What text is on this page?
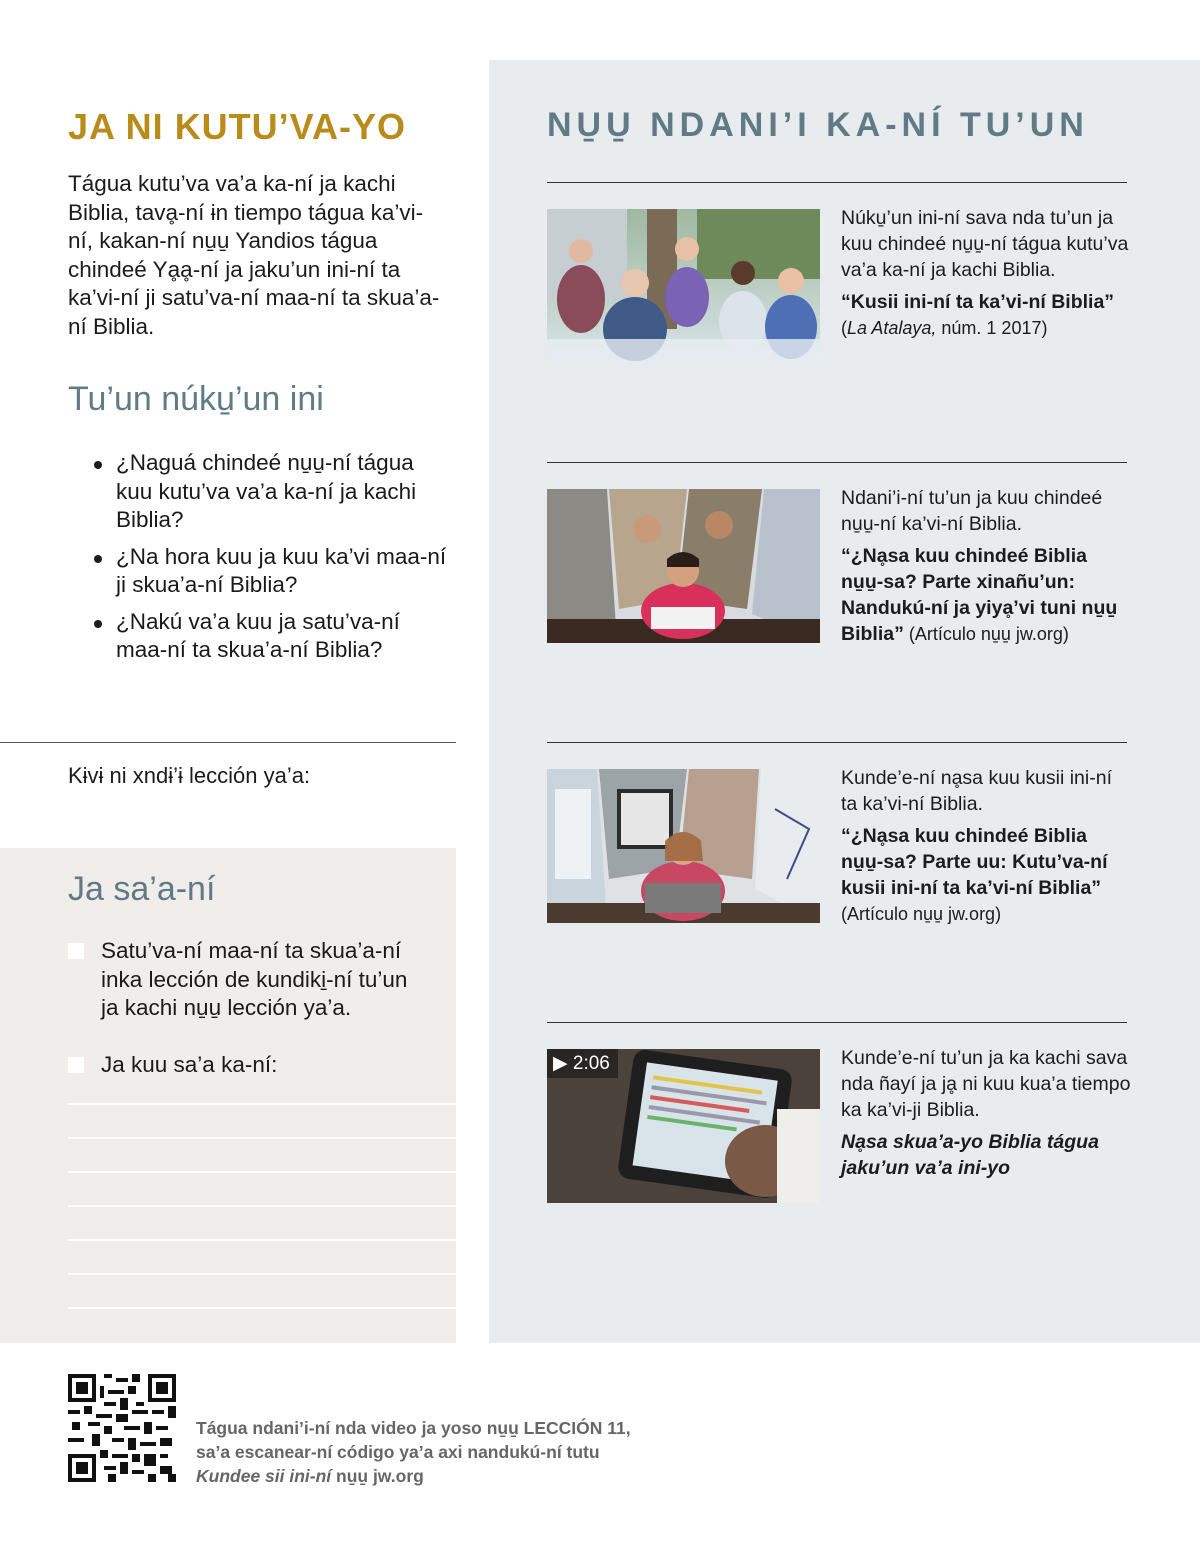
JA NI KUTU’VA-YO

Tágua kutu’va va’a ka-ní ja kachi Biblia, tavḁ-ní ɨn tiempo tágua ka’vi-ní, kakan-ní nu̱u̱ Yandios tágua chindeé Yḁḁ-ní ja jaku’un ini-ní ta ka’vi-ní ji satu’va-ní maa-ní ta skua’a-ní Biblia.

Tu’un núku̱’un ini
¿Naguá chindeé nu̱u̱-ní tágua kuu kutu’va va’a ka-ní ja kachi Biblia?
¿Na hora kuu ja kuu ka’vi maa-ní ji skua’a-ní Biblia?
¿Nakú va’a kuu ja satu’va-ní maa-ní ta skua’a-ní Biblia?
Kɨvɨ ni xndɨ’ɨ lección ya’a:
Ja sa’a-ní
Satu’va-ní maa-ní ta skua’a-ní inka lección de kundiki̱-ní tu’un ja kachi nu̱u̱ lección ya’a.
Ja kuu sa’a ka-ní:
NU̱U̱ NDANI’I KA-NÍ TU’UN
Núku̱’un ini-ní sava nda tu’un ja kuu chindeé nu̱u̱-ní tágua kutu’va va’a ka-ní ja kachi Biblia.
“Kusii ini-ní ta ka’vi-ní Biblia”
(La Atalaya, núm. 1 2017)
Ndani’i-ní tu’un ja kuu chindeé nu̱u̱-ní ka’vi-ní Biblia.
“¿Nḁsa kuu chindeé Biblia nu̱u̱-sa? Parte xinañu’un: Nandukú-ní ja yiyḁ’vi tuni nu̱u̱ Biblia” (Artículo nu̱u̱ jw.org)
Kunde’e-ní nḁsa kuu kusii ini-ní ta ka’vi-ní Biblia.
“¿Nḁsa kuu chindeé Biblia nu̱u̱-sa? Parte uu: Kutu’va-ní kusii ini-ní ta ka’vi-ní Biblia”
(Artículo nu̱u̱ jw.org)
▶ 2:06	Kunde’e-ní tu’un ja ka kachi sava nda ñayí ja jḁ ni kuu kua’a tiempo ka ka’vi-ji Biblia.
Nḁsa skua’a-yo Biblia tágua jaku’un va’a ini-yo
Tágua ndani’i-ní nda video ja yoso nu̱u̱ LECCIÓN 11,
sa’a escanear-ní código ya’a axi nandukú-ní tutu
Kundee sii ini-ní nu̱u̱ jw.org
